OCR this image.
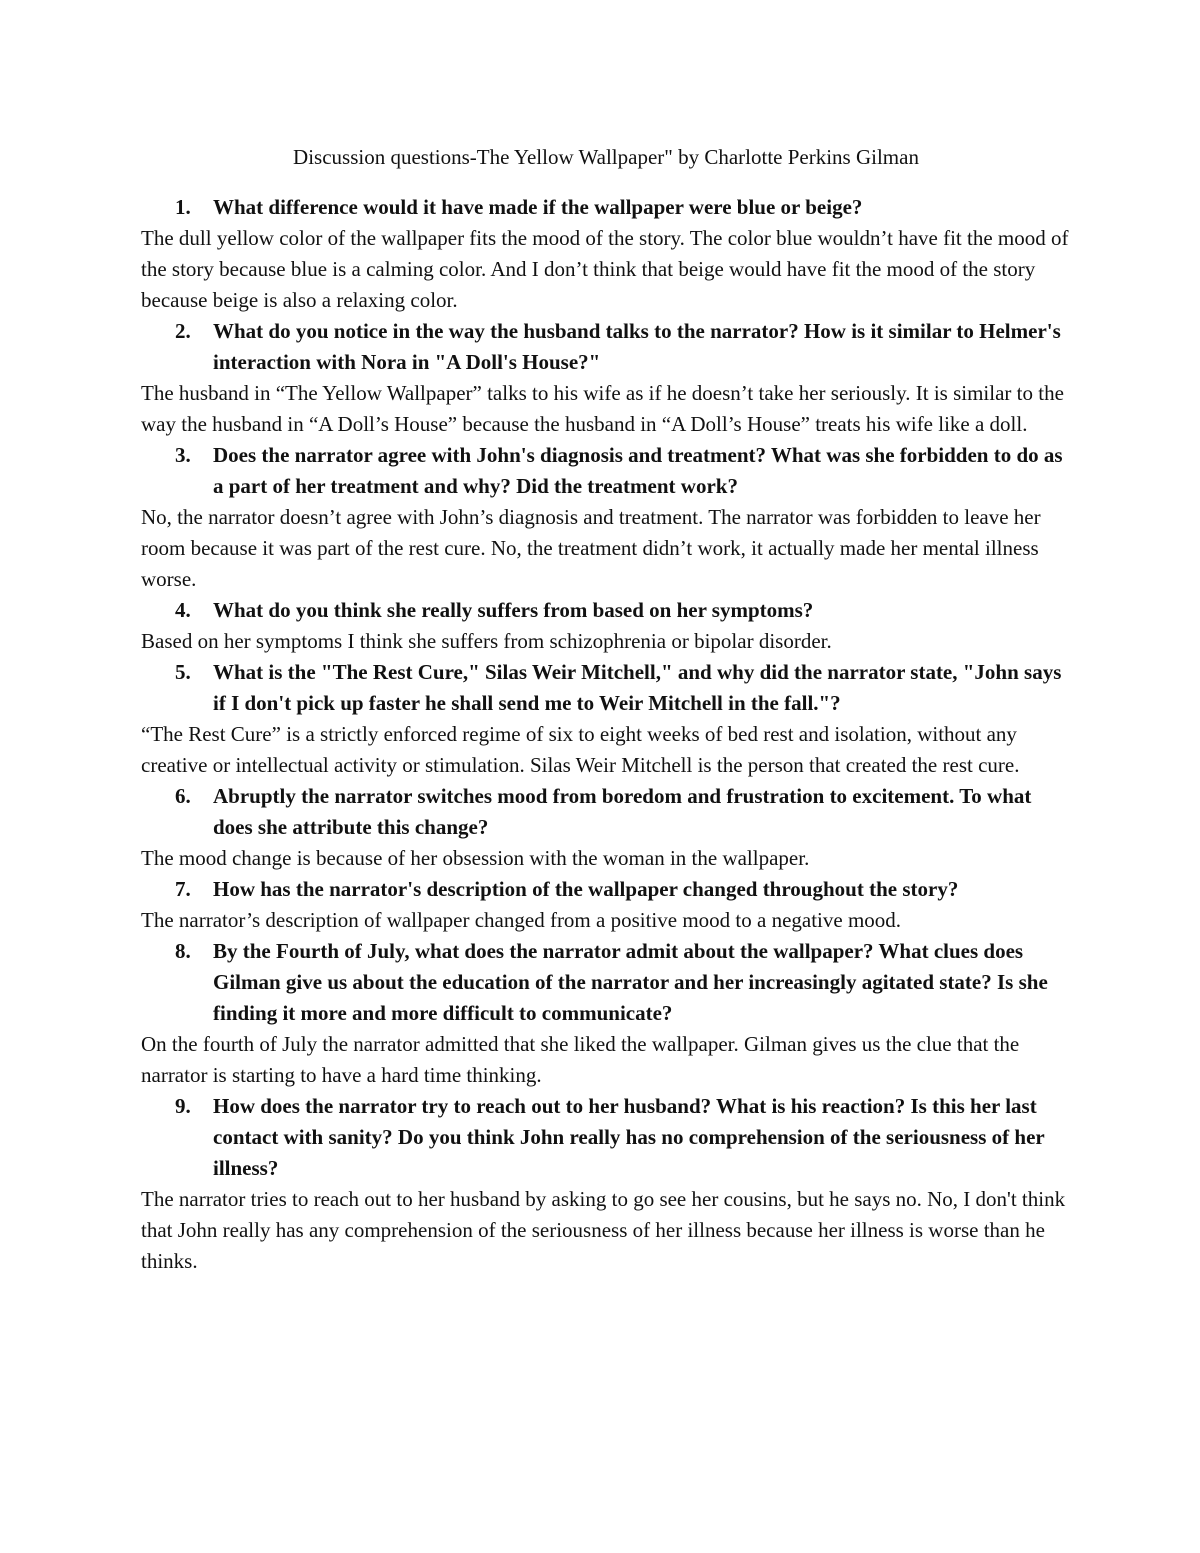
Discussion questions-The Yellow Wallpaper" by Charlotte Perkins Gilman

1. What difference would it have made if the wallpaper were blue or beige?

The dull yellow color of the wallpaper fits the mood of the story. The color blue wouldn’t have fit the mood of the story because blue is a calming color. And I don’t think that beige would have fit the mood of the story because beige is also a relaxing color.

2. What do you notice in the way the husband talks to the narrator? How is it similar to Helmer's interaction with Nora in "A Doll's House?"

The husband in “The Yellow Wallpaper” talks to his wife as if he doesn’t take her seriously. It is similar to the way the husband in “A Doll’s House” because the husband in “A Doll’s House” treats his wife like a doll.

3. Does the narrator agree with John's diagnosis and treatment? What was she forbidden to do as a part of her treatment and why? Did the treatment work?

No, the narrator doesn’t agree with John’s diagnosis and treatment. The narrator was forbidden to leave her room because it was part of the rest cure. No, the treatment didn’t work, it actually made her mental illness worse.

4. What do you think she really suffers from based on her symptoms?

Based on her symptoms I think she suffers from schizophrenia or bipolar disorder.

5. What is the "The Rest Cure," Silas Weir Mitchell," and why did the narrator state, "John says if I don't pick up faster he shall send me to Weir Mitchell in the fall."?

“The Rest Cure” is a strictly enforced regime of six to eight weeks of bed rest and isolation, without any creative or intellectual activity or stimulation. Silas Weir Mitchell is the person that created the rest cure.

6. Abruptly the narrator switches mood from boredom and frustration to excitement. To what does she attribute this change?

The mood change is because of her obsession with the woman in the wallpaper.

7. How has the narrator's description of the wallpaper changed throughout the story?

The narrator’s description of wallpaper changed from a positive mood to a negative mood.

8. By the Fourth of July, what does the narrator admit about the wallpaper? What clues does Gilman give us about the education of the narrator and her increasingly agitated state? Is she finding it more and more difficult to communicate?

On the fourth of July the narrator admitted that she liked the wallpaper. Gilman gives us the clue that the narrator is starting to have a hard time thinking.

9. How does the narrator try to reach out to her husband? What is his reaction? Is this her last contact with sanity? Do you think John really has no comprehension of the seriousness of her illness?

The narrator tries to reach out to her husband by asking to go see her cousins, but he says no. No, I don't think that John really has any comprehension of the seriousness of her illness because her illness is worse than he thinks.
